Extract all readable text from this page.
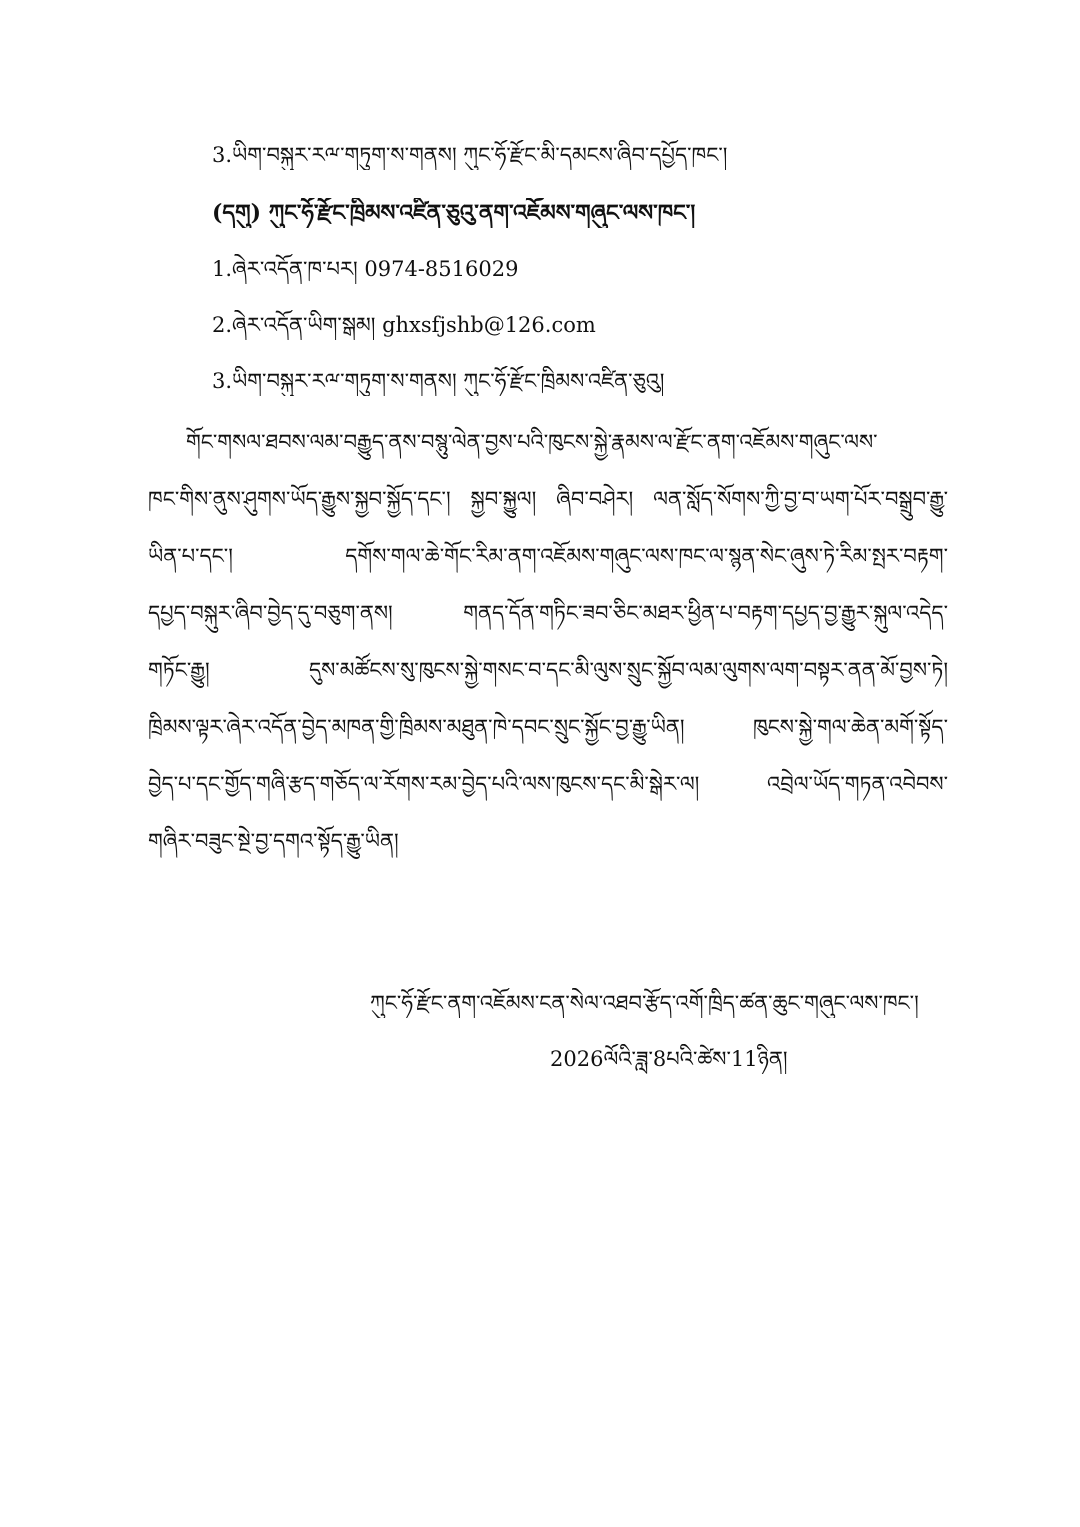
3.ཡིག་བསྐུར་ཪྋ་གཏུག་ས་གནས། ཀུང་ཧོ་རྫོང་མི་དམངས་ཞིབ་དཔྱོད་ཁང་།
(དགུ) ཀུང་ཧོ་རྫོང་ཁྲིམས་འཛིན་ཅུའུ་ནག་འཇོམས་གཞུང་ལས་ཁང་།
1.ཞེར་འདོན་ཁ་པར། 0974-8516029
2.ཞེར་འདོན་ཡིག་སྒམ། ghxsfjshb@126.com
3.ཡིག་བསྐུར་ཪྋ་གཏུག་ས་གནས། ཀུང་ཧོ་རྫོང་ཁྲིམས་འཛིན་ཅུའུ།
གོང་གསལ་ཐབས་ལམ་བརྒྱུད་ནས་བསྙུ་ལེན་བྱས་པའི་ཁུངས་སྐྱེ་རྣམས་ལ་རྫོང་ནག་འཇོམས་གཞུང་ལས་
ཁང་གིས་ནུས་ཤུགས་ཡོད་རྒྱུས་སྐྱབ་སྐྱོད་དང་། སྐྱབ་སྐྱུལ། ཞིབ་བཤེར། ལན་སློད་སོགས་ཀྱི་བྱ་བ་ཡག་པོར་བསྒྲུབ་རྒྱུ་
ཡིན་པ་དང་། དགོས་གལ་ཆེ་གོང་རིམ་ནག་འཇོམས་གཞུང་ལས་ཁང་ལ་སྙན་སེང་ཞུས་ཏེ་རིམ་སྤར་བརྟག་
དཔྱད་བསྐུར་ཞིབ་བྱེད་དུ་བཅུག་ནས། གནད་དོན་གཏིང་ཟབ་ཅིང་མཐར་ཕྱིན་པ་བརྟག་དཔྱད་བྱ་རྒྱུར་སྐུལ་འདེད་
གཏོང་རྒྱུ། དུས་མཚོངས་སུ་ཁུངས་སྐྱེ་གསང་བ་དང་མི་ལུས་སྲུང་སྐྱོབ་ལམ་ལུགས་ལག་བསྟར་ནན་མོ་བྱས་ཏེ།
ཁྲིམས་ལྟར་ཞེར་འདོན་བྱེད་མཁན་གྱི་ཁྲིམས་མཐུན་ཁེ་དབང་སྲུང་སྐྱོང་བྱ་རྒྱུ་ཡིན། ཁུངས་སྐྱེ་གལ་ཆེན་མགོ་སྟོད་
བྱེད་པ་དང་གྱོད་གཞི་རྩད་གཅོད་ལ་རོགས་རམ་བྱེད་པའི་ལས་ཁུངས་དང་མི་སྒེར་ལ། འབྲེལ་ཡོད་གཏན་འབེབས་
གཞིར་བཟུང་སྔེ་བྱ་དགའ་སྟོད་རྒྱུ་ཡིན།
ཀུང་ཧོ་རྫོང་ནག་འཇོམས་ངན་སེལ་འཐབ་རྩོད་འགོ་ཁྲིད་ཚན་ཆུང་གཞུང་ལས་ཁང་།
2026ལོའི་ཟླ་8པའི་ཚེས་11ཉིན།
